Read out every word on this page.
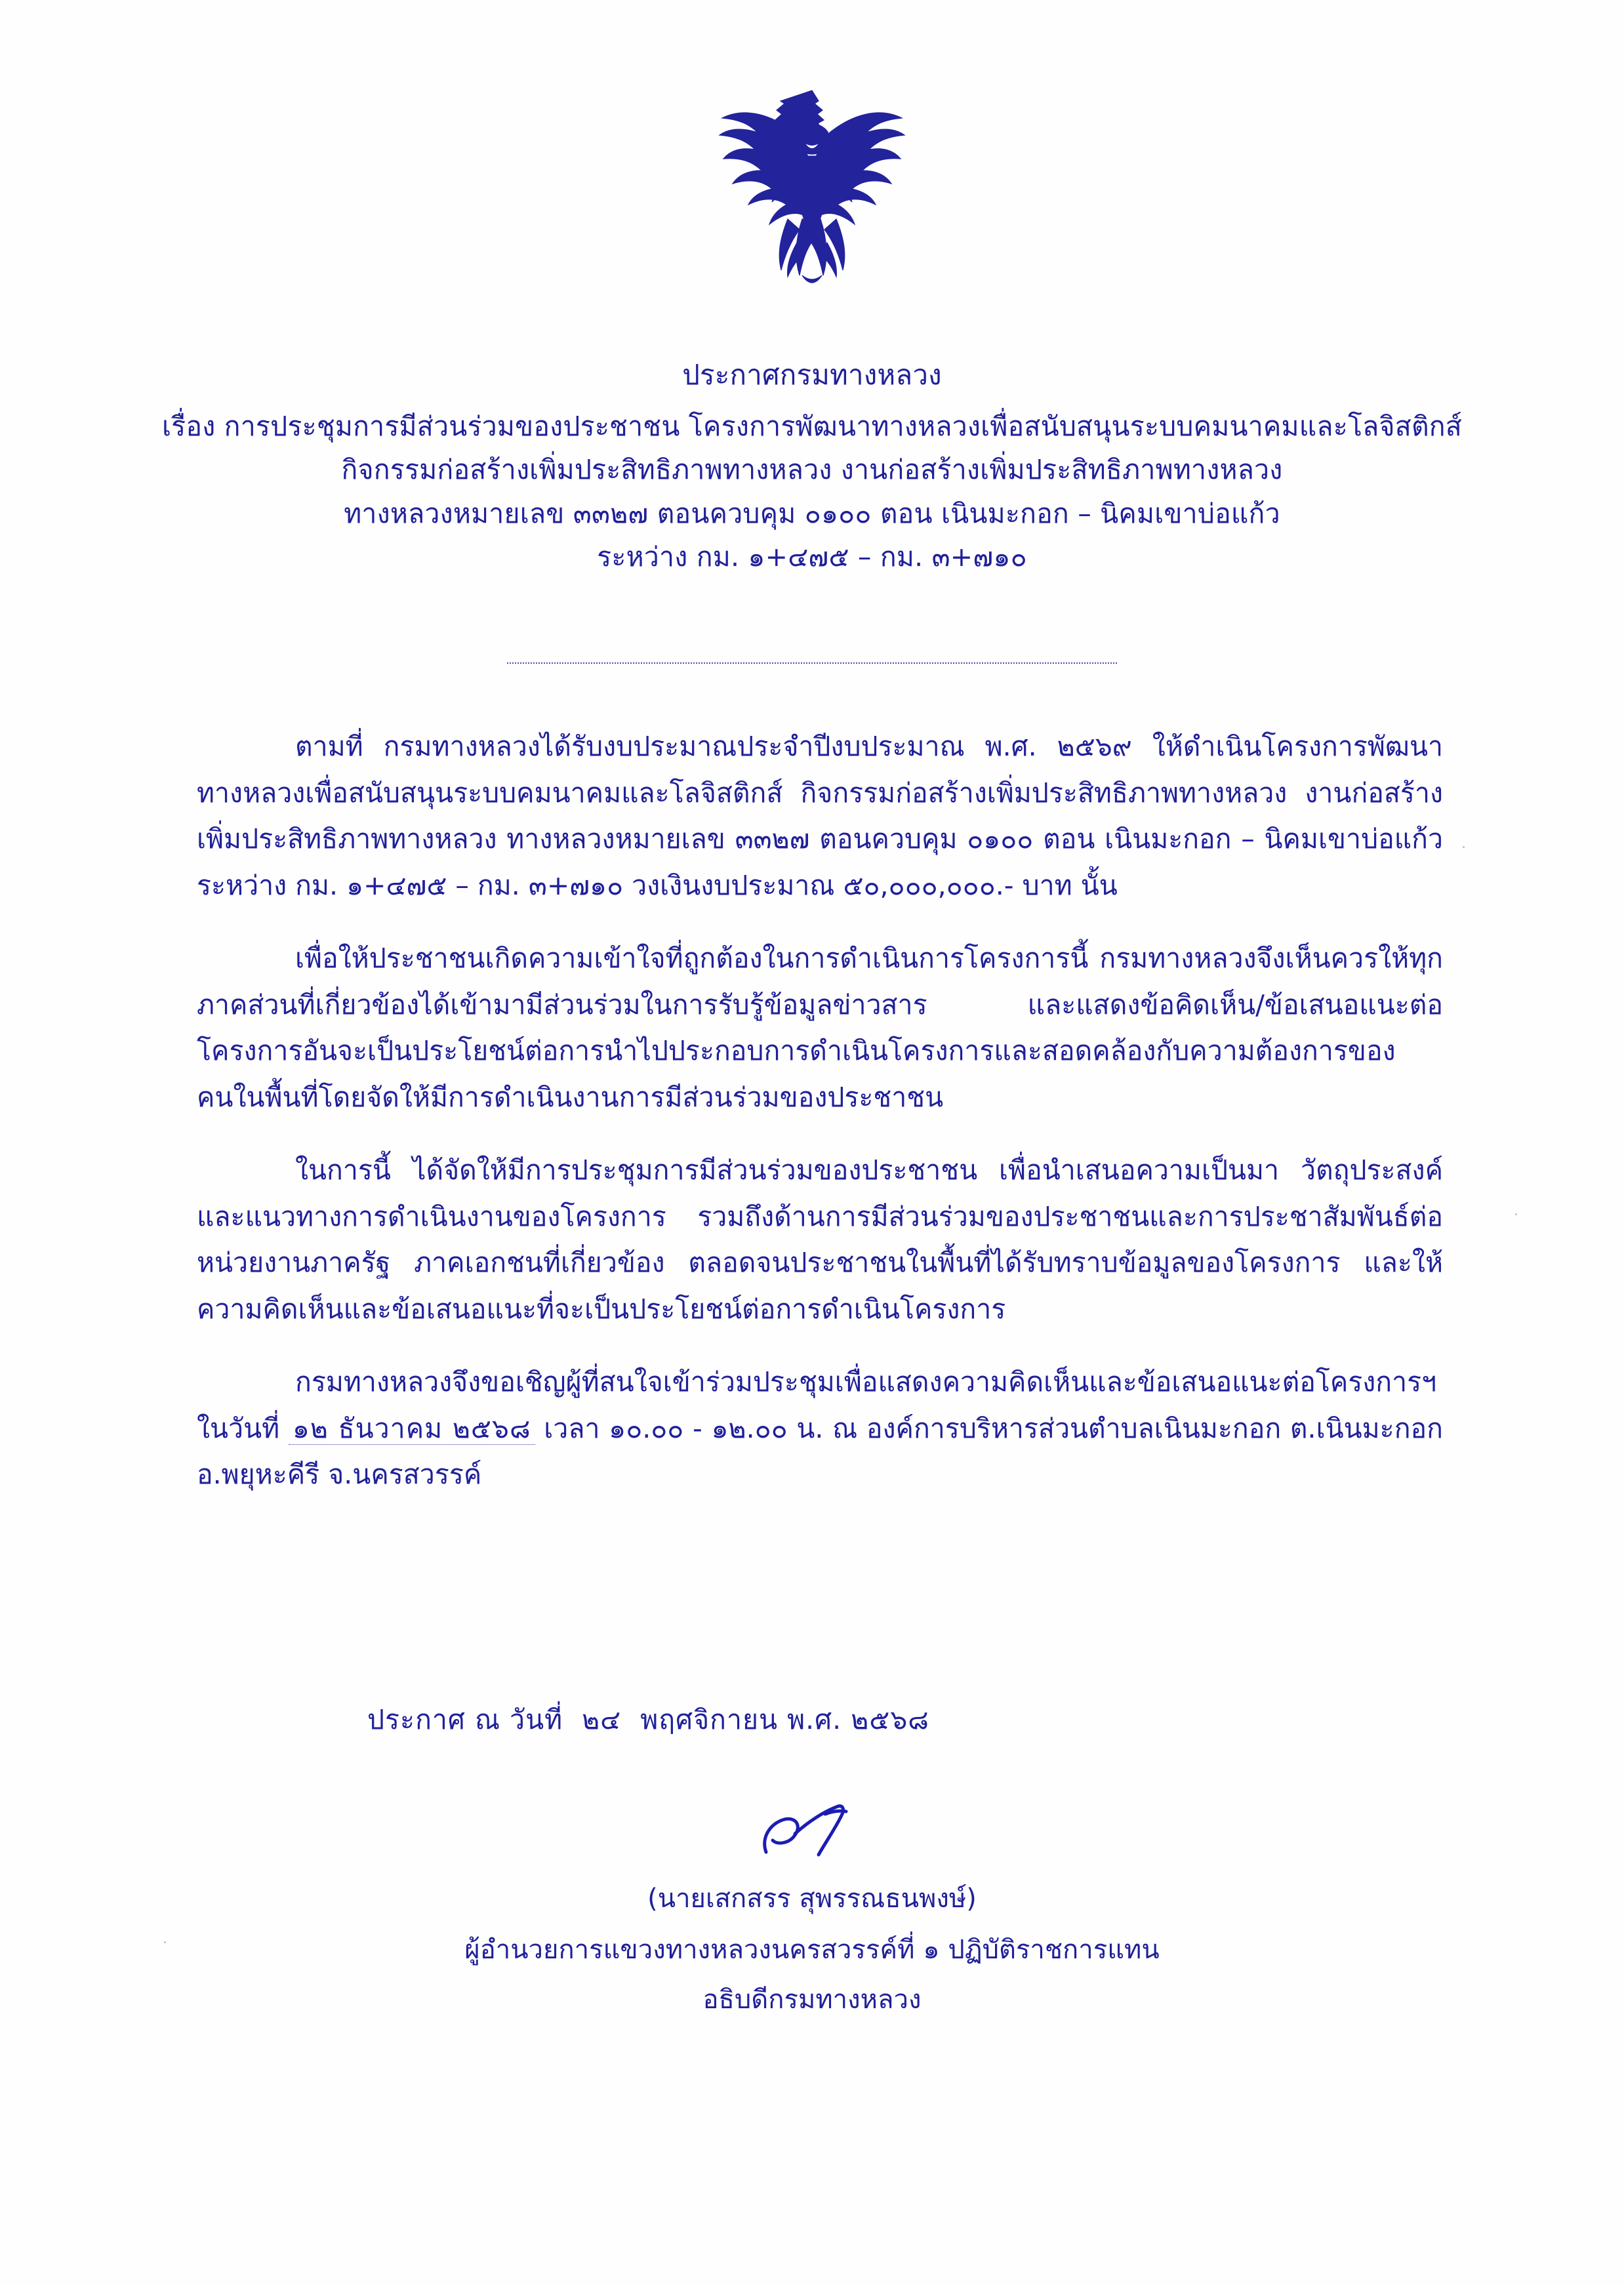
ประกาศกรมทางหลวง
เรื่อง การประชุมการมีส่วนร่วมของประชาชน โครงการพัฒนาทางหลวงเพื่อสนับสนุนระบบคมนาคมและโลจิสติกส์
กิจกรรมก่อสร้างเพิ่มประสิทธิภาพทางหลวง งานก่อสร้างเพิ่มประสิทธิภาพทางหลวง
ทางหลวงหมายเลข ๓๓๒๗ ตอนควบคุม ๐๑๐๐ ตอน เนินมะกอก – นิคมเขาบ่อแก้ว
ระหว่าง กม. ๑+๔๗๕ – กม. ๓+๗๑๐

ตามที่ กรมทางหลวงได้รับงบประมาณประจำปีงบประมาณ พ.ศ. ๒๕๖๙ ให้ดำเนินโครงการพัฒนาทางหลวงเพื่อสนับสนุนระบบคมนาคมและโลจิสติกส์ กิจกรรมก่อสร้างเพิ่มประสิทธิภาพทางหลวง งานก่อสร้างเพิ่มประสิทธิภาพทางหลวง ทางหลวงหมายเลข ๓๓๒๗ ตอนควบคุม ๐๑๐๐ ตอน เนินมะกอก – นิคมเขาบ่อแก้ว ระหว่าง กม. ๑+๔๗๕ – กม. ๓+๗๑๐ วงเงินงบประมาณ ๕๐,๐๐๐,๐๐๐.- บาท นั้น

เพื่อให้ประชาชนเกิดความเข้าใจที่ถูกต้องในการดำเนินการโครงการนี้ กรมทางหลวงจึงเห็นควรให้ทุกภาคส่วนที่เกี่ยวข้องได้เข้ามามีส่วนร่วมในการรับรู้ข้อมูลข่าวสาร และแสดงข้อคิดเห็น/ข้อเสนอแนะต่อโครงการอันจะเป็นประโยชน์ต่อการนำไปประกอบการดำเนินโครงการและสอดคล้องกับความต้องการของคนในพื้นที่โดยจัดให้มีการดำเนินงานการมีส่วนร่วมของประชาชน

ในการนี้ ได้จัดให้มีการประชุมการมีส่วนร่วมของประชาชน เพื่อนำเสนอความเป็นมา วัตถุประสงค์ และแนวทางการดำเนินงานของโครงการ รวมถึงด้านการมีส่วนร่วมของประชาชนและการประชาสัมพันธ์ต่อหน่วยงานภาครัฐ ภาคเอกชนที่เกี่ยวข้อง ตลอดจนประชาชนในพื้นที่ได้รับทราบข้อมูลของโครงการ และให้ความคิดเห็นและข้อเสนอแนะที่จะเป็นประโยชน์ต่อการดำเนินโครงการ

กรมทางหลวงจึงขอเชิญผู้ที่สนใจเข้าร่วมประชุมเพื่อแสดงความคิดเห็นและข้อเสนอแนะต่อโครงการฯ ในวันที่ ๑๒ ธันวาคม ๒๕๖๘ เวลา ๑๐.๐๐ - ๑๒.๐๐ น. ณ องค์การบริหารส่วนตำบลเนินมะกอก ต.เนินมะกอก อ.พยุหะคีรี จ.นครสวรรค์

ประกาศ ณ วันที่ ๒๔ พฤศจิกายน พ.ศ. ๒๕๖๘
(นายเสกสรร สุพรรณธนพงษ์)
ผู้อำนวยการแขวงทางหลวงนครสวรรค์ที่ ๑ ปฏิบัติราชการแทน
อธิบดีกรมทางหลวง
